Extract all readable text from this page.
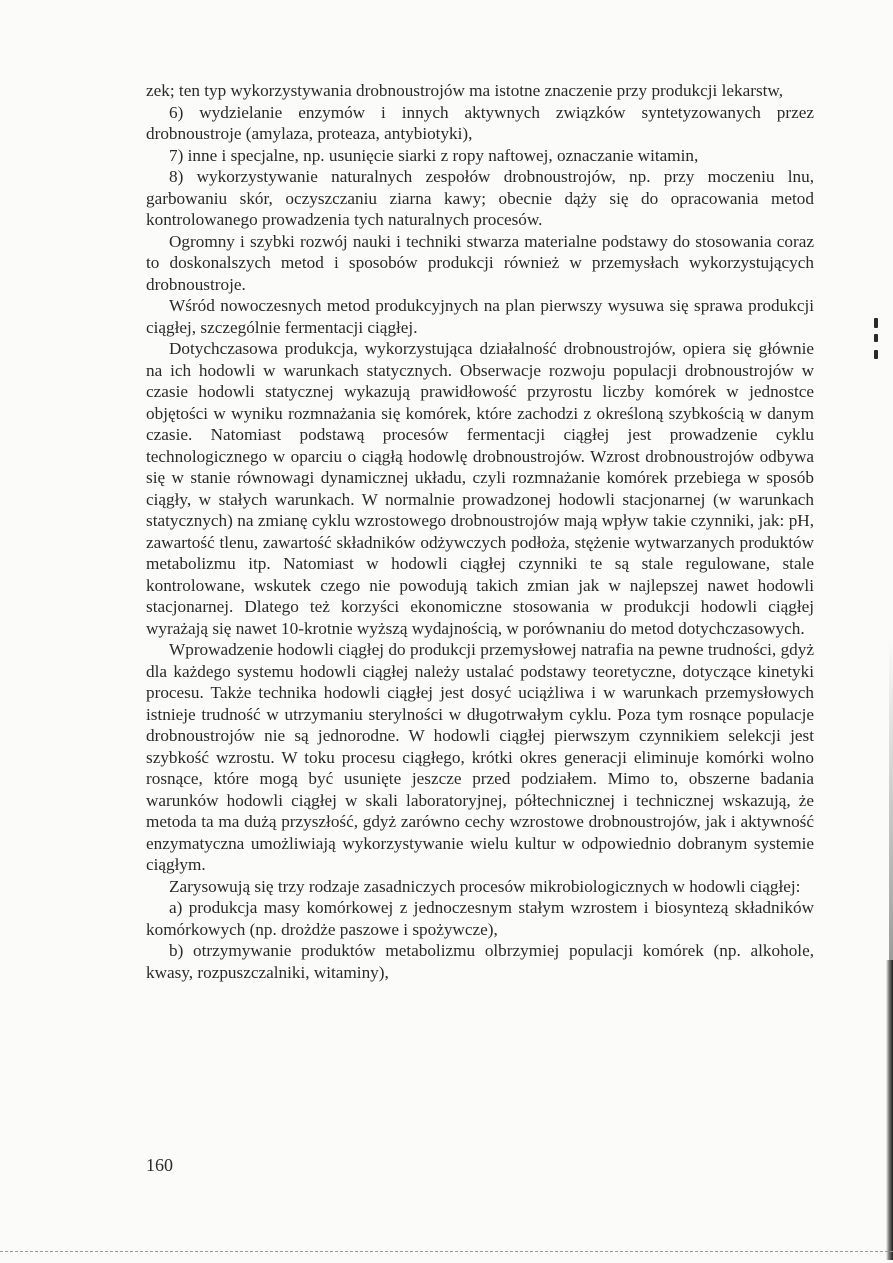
zek; ten typ wykorzystywania drobnoustrojów ma istotne znaczenie przy produkcji lekarstw,

6) wydzielanie enzymów i innych aktywnych związków syntetyzowanych przez drobnoustroje (amylaza, proteaza, antybiotyki),

7) inne i specjalne, np. usunięcie siarki z ropy naftowej, oznaczanie witamin,

8) wykorzystywanie naturalnych zespołów drobnoustrojów, np. przy moczeniu lnu, garbowaniu skór, oczyszczaniu ziarna kawy; obecnie dąży się do opracowania metod kontrolowanego prowadzenia tych naturalnych procesów.

Ogromny i szybki rozwój nauki i techniki stwarza materialne podstawy do stosowania coraz to doskonalszych metod i sposobów produkcji również w przemysłach wykorzystujących drobnoustroje.

Wśród nowoczesnych metod produkcyjnych na plan pierwszy wysuwa się sprawa produkcji ciągłej, szczególnie fermentacji ciągłej.

Dotychczasowa produkcja, wykorzystująca działalność drobnoustrojów, opiera się głównie na ich hodowli w warunkach statycznych. Obserwacje rozwoju populacji drobnoustrojów w czasie hodowli statycznej wykazują prawidłowość przyrostu liczby komórek w jednostce objętości w wyniku rozmnażania się komórek, które zachodzi z określoną szybkością w danym czasie. Natomiast podstawą procesów fermentacji ciągłej jest prowadzenie cyklu technologicznego w oparciu o ciągłą hodowlę drobnoustrojów. Wzrost drobnoustrojów odbywa się w stanie równowagi dynamicznej układu, czyli rozmnażanie komórek przebiega w sposób ciągły, w stałych warunkach. W normalnie prowadzonej hodowli stacjonarnej (w warunkach statycznych) na zmianę cyklu wzrostowego drobnoustrojów mają wpływ takie czynniki, jak: pH, zawartość tlenu, zawartość składników odżywczych podłoża, stężenie wytwarzanych produktów metabolizmu itp. Natomiast w hodowli ciągłej czynniki te są stale regulowane, stale kontrolowane, wskutek czego nie powodują takich zmian jak w najlepszej nawet hodowli stacjonarnej. Dlatego też korzyści ekonomiczne stosowania w produkcji hodowli ciągłej wyrażają się nawet 10-krotnie wyższą wydajnością, w porównaniu do metod dotychczasowych.

Wprowadzenie hodowli ciągłej do produkcji przemysłowej natrafia na pewne trudności, gdyż dla każdego systemu hodowli ciągłej należy ustalać podstawy teoretyczne, dotyczące kinetyki procesu. Także technika hodowli ciągłej jest dosyć uciążliwa i w warunkach przemysłowych istnieje trudność w utrzymaniu sterylności w długotrwałym cyklu. Poza tym rosnące populacje drobnoustrojów nie są jednorodne. W hodowli ciągłej pierwszym czynnikiem selekcji jest szybkość wzrostu. W toku procesu ciągłego, krótki okres generacji eliminuje komórki wolno rosnące, które mogą być usunięte jeszcze przed podziałem. Mimo to, obszerne badania warunków hodowli ciągłej w skali laboratoryjnej, półtechnicznej i technicznej wskazują, że metoda ta ma dużą przyszłość, gdyż zarówno cechy wzrostowe drobnoustrojów, jak i aktywność enzymatyczna umożliwiają wykorzystywanie wielu kultur w odpowiednio dobranym systemie ciągłym.

Zarysowują się trzy rodzaje zasadniczych procesów mikrobiologicznych w hodowli ciągłej:

a) produkcja masy komórkowej z jednoczesnym stałym wzrostem i biosyntezą składników komórkowych (np. drożdże paszowe i spożywcze),

b) otrzymywanie produktów metabolizmu olbrzymiej populacji komórek (np. alkohole, kwasy, rozpuszczalniki, witaminy),

160
